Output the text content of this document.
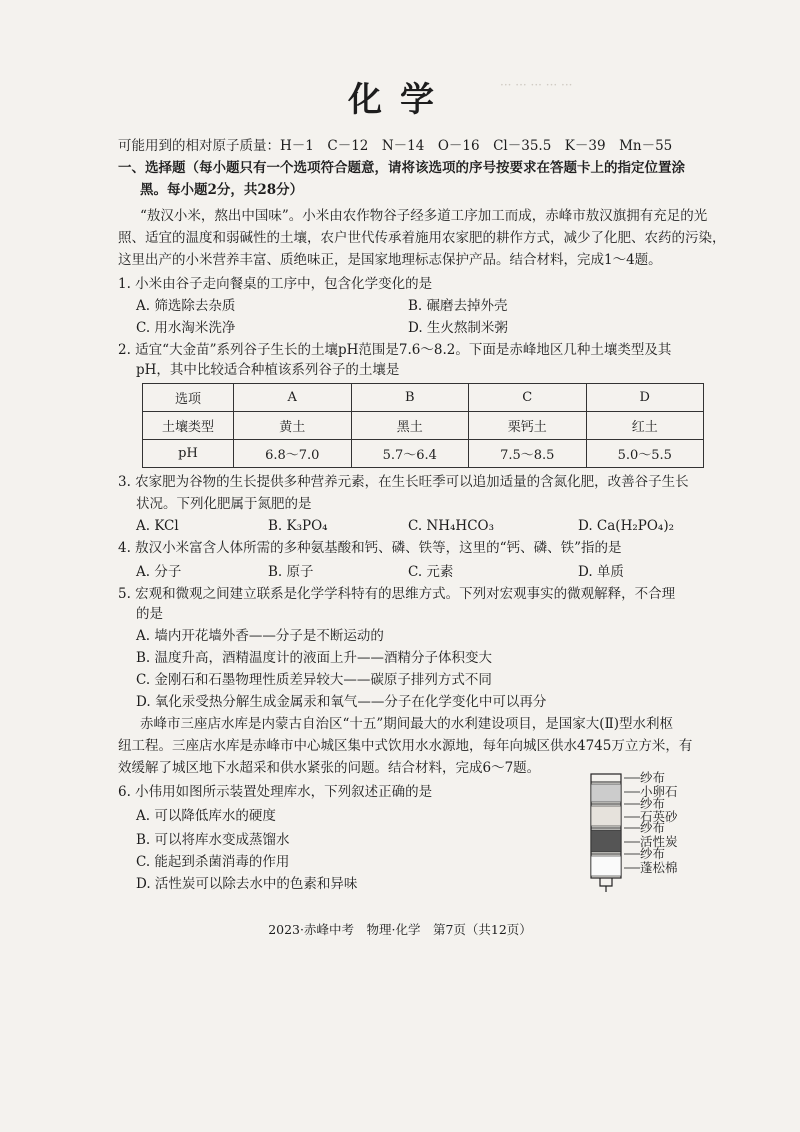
··· ··· ··· ··· ···
化学
可能用到的相对原子质量：H－1　C－12　N－14　O－16　Cl－35.5　K－39　Mn－55
一、选择题（每小题只有一个选项符合题意，请将该选项的序号按要求在答题卡上的指定位置涂
黑。每小题2分，共28分）
“敖汉小米，熬出中国味”。小米由农作物谷子经多道工序加工而成，赤峰市敖汉旗拥有充足的光
照、适宜的温度和弱碱性的土壤，农户世代传承着施用农家肥的耕作方式，减少了化肥、农药的污染，
这里出产的小米营养丰富、质绝味正，是国家地理标志保护产品。结合材料，完成1～4题。
1. 小米由谷子走向餐桌的工序中，包含化学变化的是
A. 筛选除去杂质	B. 碾磨去掉外壳
C. 用水淘米洗净	D. 生火熬制米粥
2. 适宜“大金苗”系列谷子生长的土壤pH范围是7.6～8.2。下面是赤峰地区几种土壤类型及其
pH，其中比较适合种植该系列谷子的土壤是
选项	A	B	C	D
土壤类型	黄土	黑土	栗钙土	红土
pH	6.8～7.0	5.7～6.4	7.5～8.5	5.0～5.5
3. 农家肥为谷物的生长提供多种营养元素，在生长旺季可以追加适量的含氮化肥，改善谷子生长
状况。下列化肥属于氮肥的是
A. KCl	B. K₃PO₄	C. NH₄HCO₃	D. Ca(H₂PO₄)₂
4. 敖汉小米富含人体所需的多种氨基酸和钙、磷、铁等，这里的“钙、磷、铁”指的是
A. 分子	B. 原子	C. 元素	D. 单质
5. 宏观和微观之间建立联系是化学学科特有的思维方式。下列对宏观事实的微观解释，不合理
的是
A. 墙内开花墙外香——分子是不断运动的
B. 温度升高，酒精温度计的液面上升——酒精分子体积变大
C. 金刚石和石墨物理性质差异较大——碳原子排列方式不同
D. 氧化汞受热分解生成金属汞和氧气——分子在化学变化中可以再分
赤峰市三座店水库是内蒙古自治区“十五”期间最大的水利建设项目，是国家大(Ⅱ)型水利枢
纽工程。三座店水库是赤峰市中心城区集中式饮用水水源地，每年向城区供水4745万立方米，有
效缓解了城区地下水超采和供水紧张的问题。结合材料，完成6～7题。
6. 小伟用如图所示装置处理库水，下列叙述正确的是
A. 可以降低库水的硬度
B. 可以将库水变成蒸馏水
C. 能起到杀菌消毒的作用
D. 活性炭可以除去水中的色素和异味
纱布
小卵石
纱布
石英砂
纱布
活性炭
纱布
蓬松棉
2023·赤峰中考　物理·化学　第7页（共12页）
